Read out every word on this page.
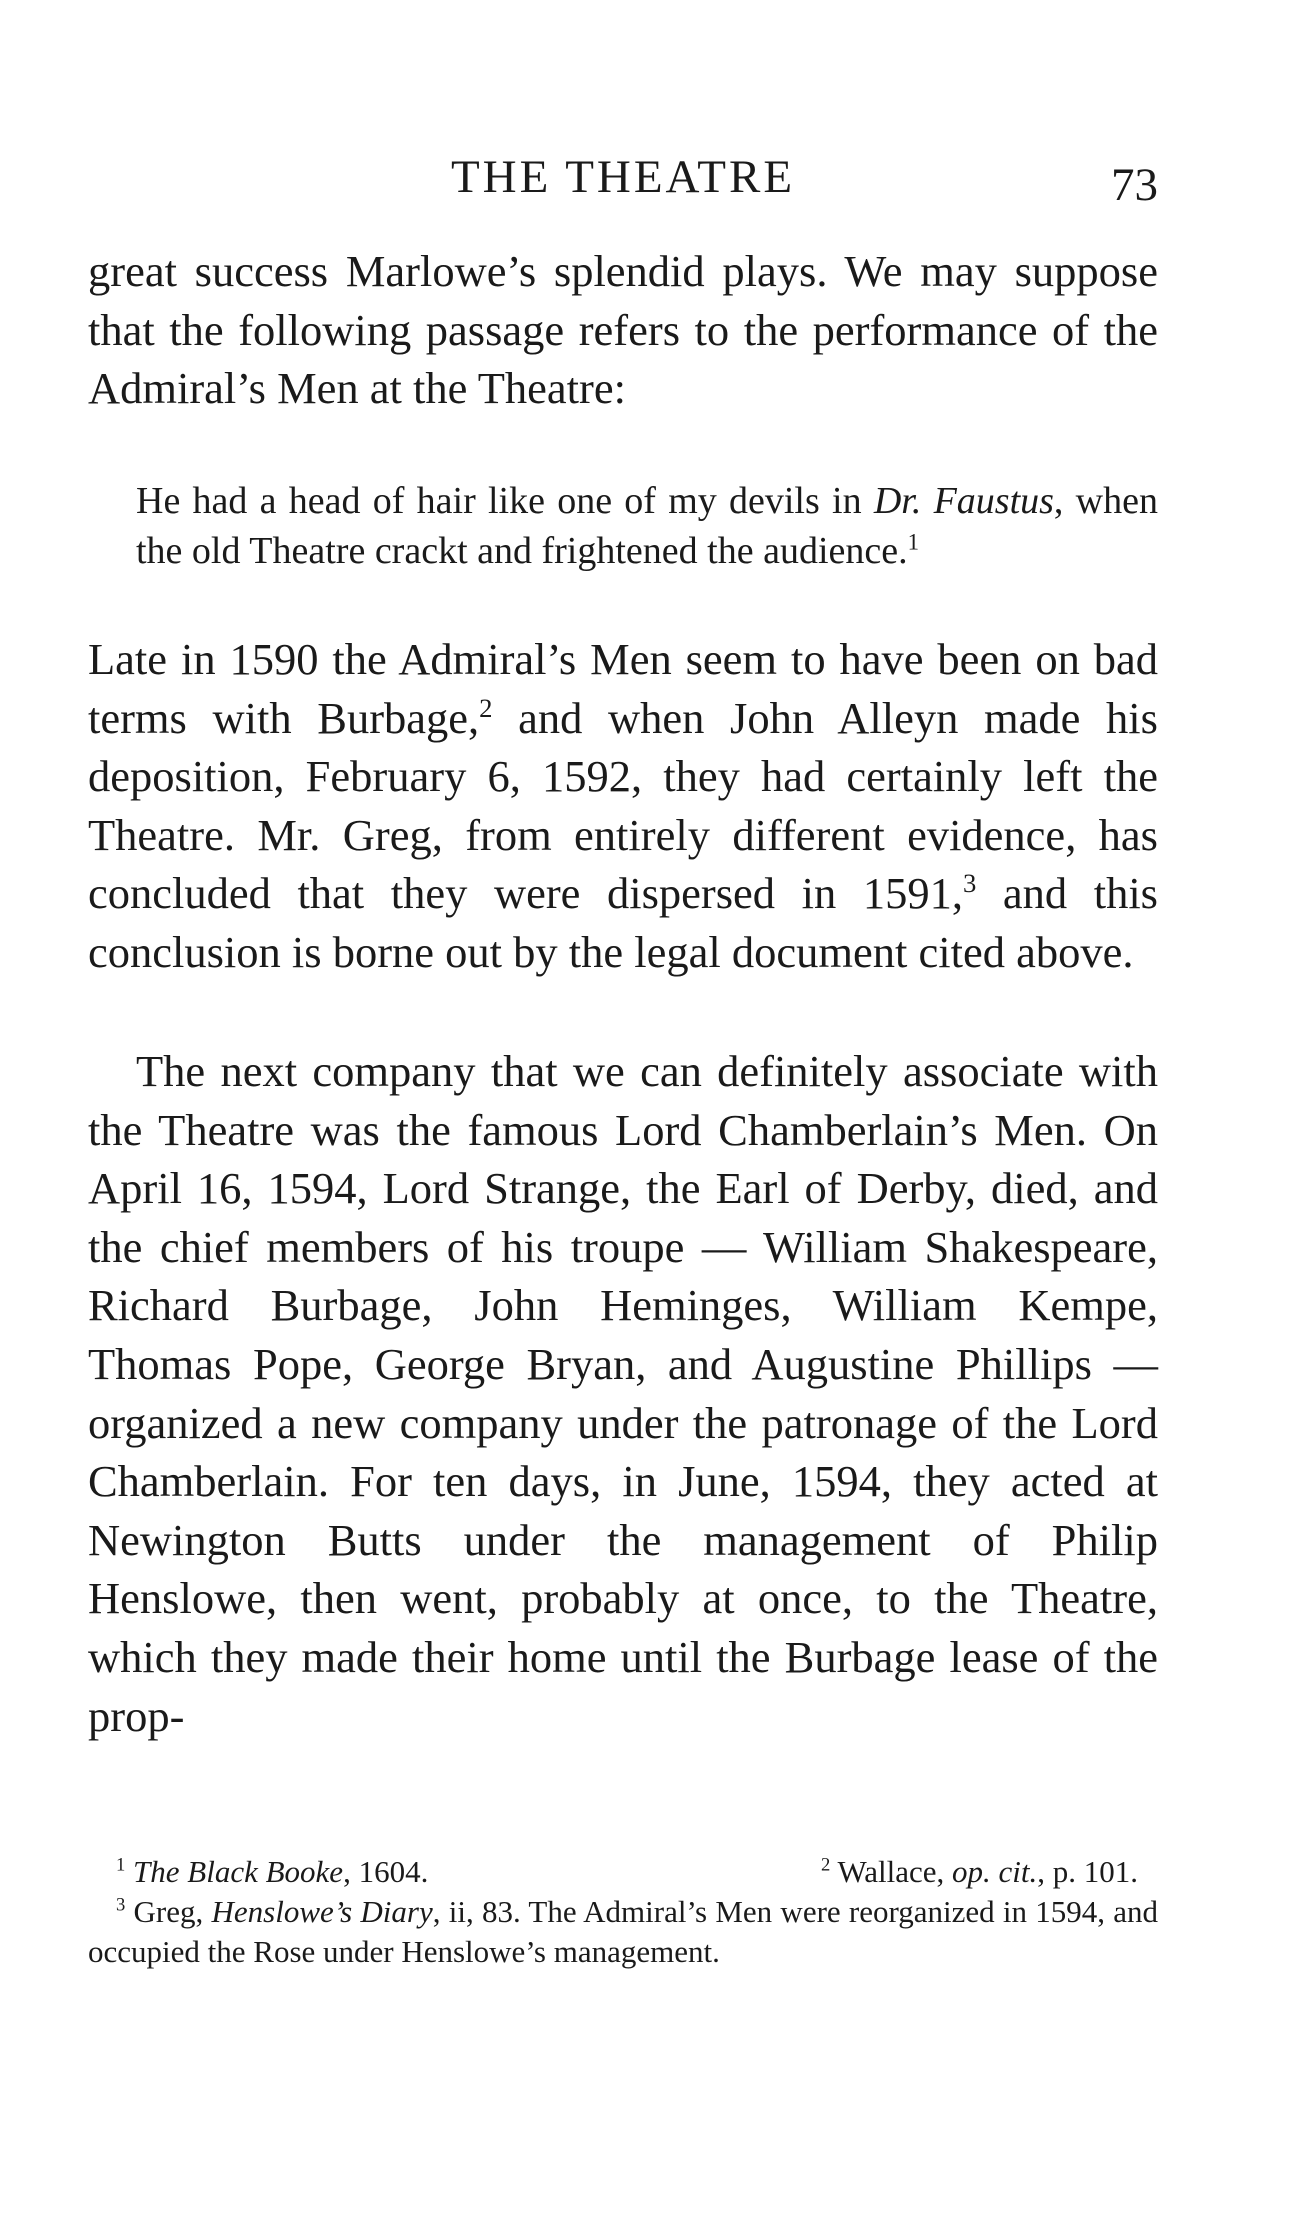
THE THEATRE	73

great success Marlowe’s splendid plays. We may suppose that the following passage refers to the performance of the Admiral’s Men at the Theatre:

He had a head of hair like one of my devils in Dr. Faustus, when the old Theatre crackt and frightened the audience.$^1$

Late in 1590 the Admiral’s Men seem to have been on bad terms with Burbage,$^2$ and when John Alleyn made his deposition, February 6, 1592, they had certainly left the Theatre. Mr. Greg, from entirely different evidence, has concluded that they were dispersed in 1591,$^3$ and this conclusion is borne out by the legal document cited above.

The next company that we can definitely associate with the Theatre was the famous Lord Chamberlain’s Men. On April 16, 1594, Lord Strange, the Earl of Derby, died, and the chief members of his troupe — William Shakespeare, Richard Burbage, John Heminges, William Kempe, Thomas Pope, George Bryan, and Augustine Phillips — organized a new company under the patronage of the Lord Chamberlain. For ten days, in June, 1594, they acted at Newington Butts under the management of Philip Henslowe, then went, probably at once, to the Theatre, which they made their home until the Burbage lease of the prop-

$^1$ The Black Booke, 1604.	$^2$ Wallace, op. cit., p. 101.
$^3$ Greg, Henslowe’s Diary, ii, 83. The Admiral’s Men were reorganized in 1594, and occupied the Rose under Henslowe’s management.
